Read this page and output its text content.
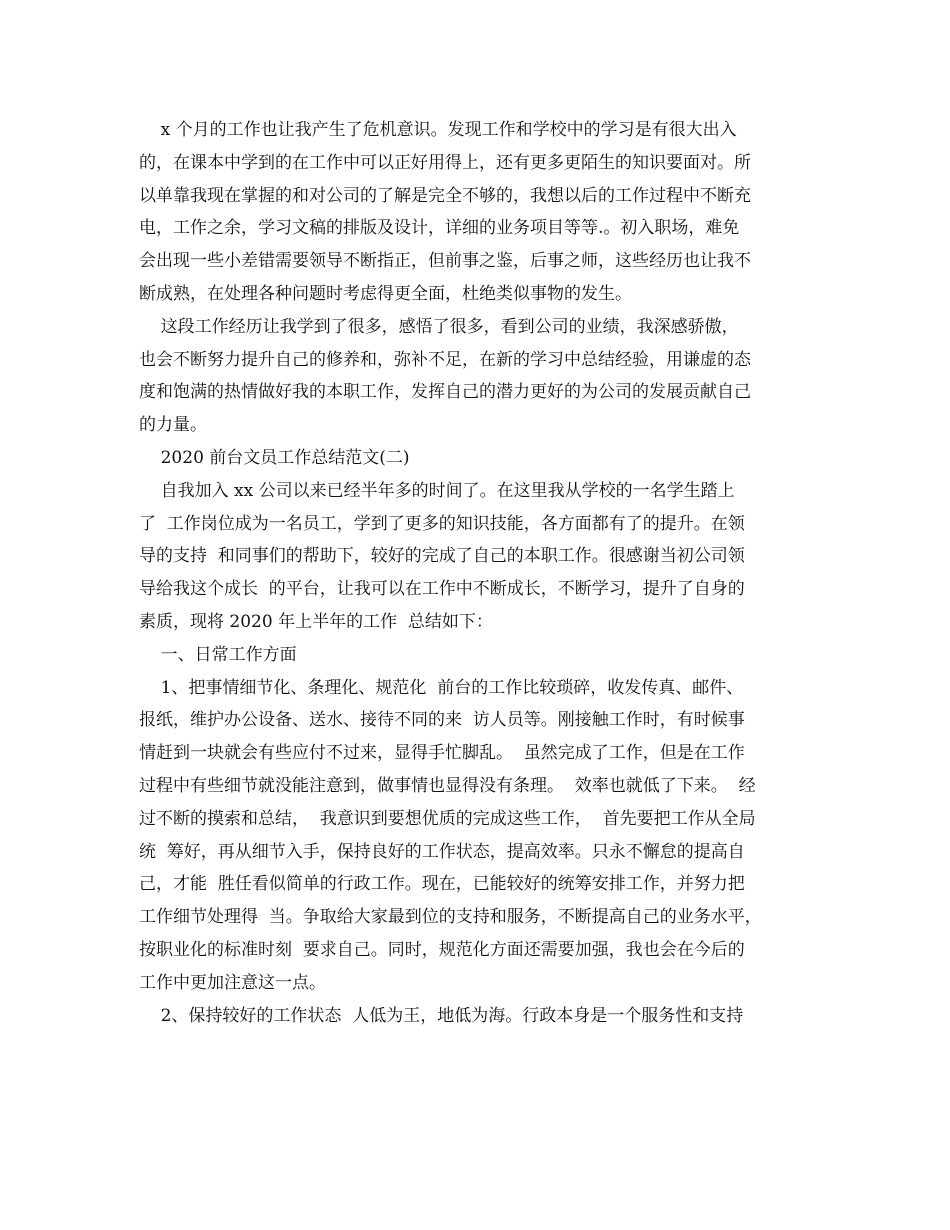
x 个月的工作也让我产生了危机意识。发现工作和学校中的学习是有很大出入
的，在课本中学到的在工作中可以正好用得上，还有更多更陌生的知识要面对。所
以单靠我现在掌握的和对公司的了解是完全不够的，我想以后的工作过程中不断充
电，工作之余，学习文稿的排版及设计，详细的业务项目等等.。初入职场，难免
会出现一些小差错需要领导不断指正，但前事之鉴，后事之师，这些经历也让我不
断成熟，在处理各种问题时考虑得更全面，杜绝类似事物的发生。
这段工作经历让我学到了很多，感悟了很多，看到公司的业绩，我深感骄傲，
也会不断努力提升自己的修养和，弥补不足，在新的学习中总结经验，用谦虚的态
度和饱满的热情做好我的本职工作，发挥自己的潜力更好的为公司的发展贡献自己
的力量。
2020 前台文员工作总结范文(二)
自我加入 xx 公司以来已经半年多的时间了。在这里我从学校的一名学生踏上
了  工作岗位成为一名员工，学到了更多的知识技能，各方面都有了的提升。在领
导的支持  和同事们的帮助下，较好的完成了自己的本职工作。很感谢当初公司领
导给我这个成长  的平台，让我可以在工作中不断成长，不断学习，提升了自身的
素质，现将 2020 年上半年的工作  总结如下：
一、日常工作方面
1、把事情细节化、条理化、规范化  前台的工作比较琐碎，收发传真、邮件、
报纸，维护办公设备、送水、接待不同的来  访人员等。刚接触工作时，有时候事
情赶到一块就会有些应付不过来，显得手忙脚乱。  虽然完成了工作，但是在工作
过程中有些细节就没能注意到，做事情也显得没有条理。  效率也就低了下来。  经
过不断的摸索和总结，  我意识到要想优质的完成这些工作，  首先要把工作从全局
统  筹好，再从细节入手，保持良好的工作状态，提高效率。只永不懈怠的提高自
己，才能  胜任看似简单的行政工作。现在，已能较好的统筹安排工作，并努力把
工作细节处理得  当。争取给大家最到位的支持和服务，不断提高自己的业务水平，
按职业化的标准时刻  要求自己。同时，规范化方面还需要加强，我也会在今后的
工作中更加注意这一点。
2、保持较好的工作状态  人低为王，地低为海。行政本身是一个服务性和支持
